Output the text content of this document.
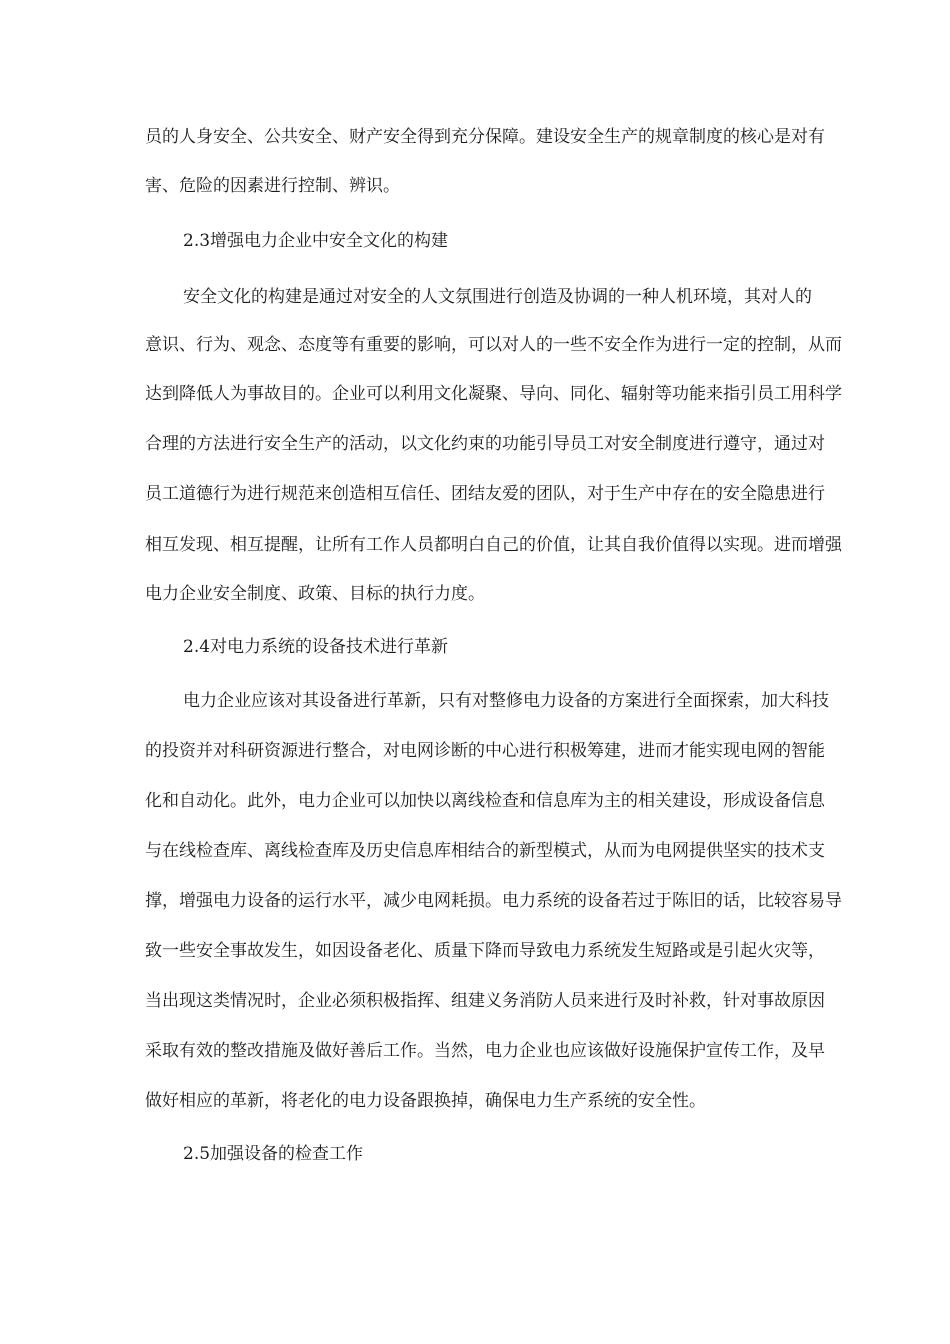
员的人身安全、公共安全、财产安全得到充分保障。建设安全生产的规章制度的核心是对有
害、危险的因素进行控制、辨识。
2.3增强电力企业中安全文化的构建
安全文化的构建是通过对安全的人文氛围进行创造及协调的一种人机环境，其对人的
意识、行为、观念、态度等有重要的影响，可以对人的一些不安全作为进行一定的控制，从而
达到降低人为事故目的。企业可以利用文化凝聚、导向、同化、辐射等功能来指引员工用科学
合理的方法进行安全生产的活动，以文化约束的功能引导员工对安全制度进行遵守，通过对
员工道德行为进行规范来创造相互信任、团结友爱的团队，对于生产中存在的安全隐患进行
相互发现、相互提醒，让所有工作人员都明白自己的价值，让其自我价值得以实现。进而增强
电力企业安全制度、政策、目标的执行力度。
2.4对电力系统的设备技术进行革新
电力企业应该对其设备进行革新，只有对整修电力设备的方案进行全面探索，加大科技
的投资并对科研资源进行整合，对电网诊断的中心进行积极筹建，进而才能实现电网的智能
化和自动化。此外，电力企业可以加快以离线检查和信息库为主的相关建设，形成设备信息
与在线检查库、离线检查库及历史信息库相结合的新型模式，从而为电网提供坚实的技术支
撑，增强电力设备的运行水平，减少电网耗损。电力系统的设备若过于陈旧的话，比较容易导
致一些安全事故发生，如因设备老化、质量下降而导致电力系统发生短路或是引起火灾等，
当出现这类情况时，企业必须积极指挥、组建义务消防人员来进行及时补救，针对事故原因
采取有效的整改措施及做好善后工作。当然，电力企业也应该做好设施保护宣传工作，及早
做好相应的革新，将老化的电力设备跟换掉，确保电力生产系统的安全性。
2.5加强设备的检查工作
